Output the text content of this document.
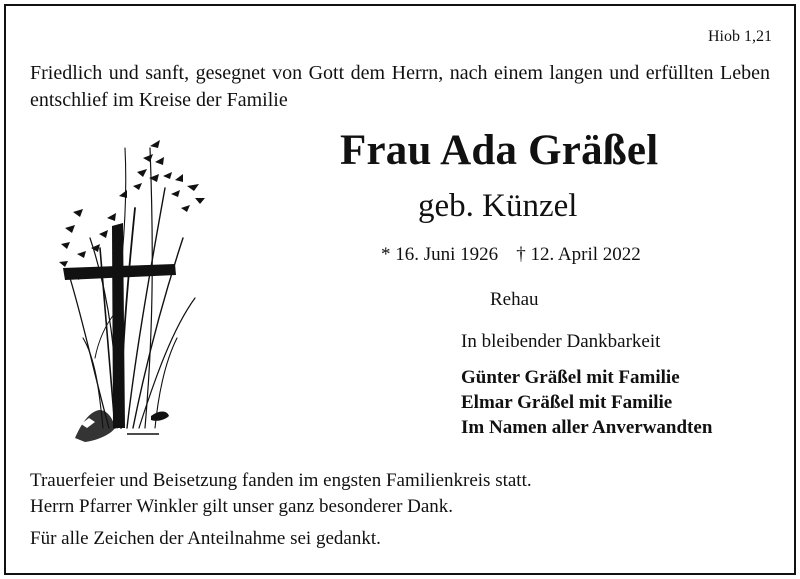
Hiob 1,21
Friedlich und sanft, gesegnet von Gott dem Herrn, nach einem langen und erfüllten Leben entschlief im Kreise der Familie
Frau Ada Gräßel
geb. Künzel
* 16. Juni 1926 † 12. April 2022
Rehau
In bleibender Dankbarkeit
Günter Gräßel mit Familie
Elmar Gräßel mit Familie
Im Namen aller Anverwandten
Trauerfeier und Beisetzung fanden im engsten Familienkreis statt.
Herrn Pfarrer Winkler gilt unser ganz besonderer Dank.
Für alle Zeichen der Anteilnahme sei gedankt.
